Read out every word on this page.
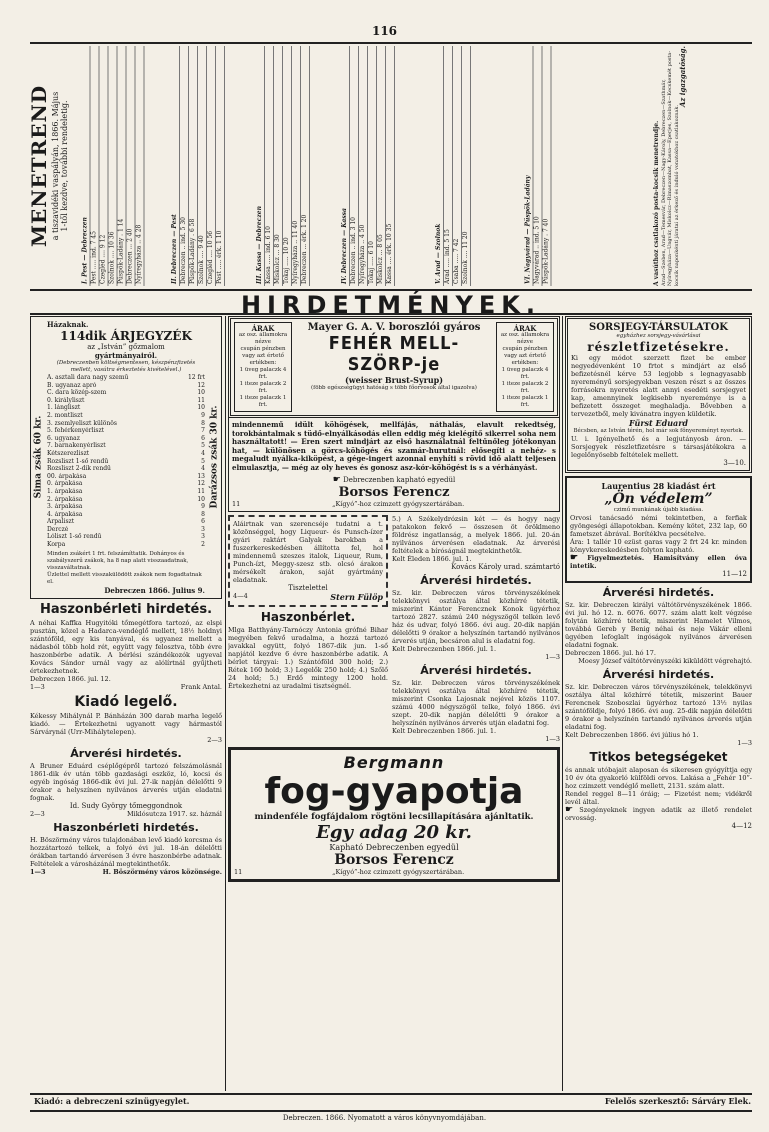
116
MENETREND a tiszavidéki vaspályán, 1866. Május 1-től kezdve, további rendeletig.
I. Pest — Debreczen
Pest ..... ind. 7 45
Czegléd .... 9 12
Szolnok .... 10 36
Püspök-Ladány . 1 14
Debreczen ... 2 40
Nyíregyháza .. 4 28	II. Debreczen — Pest
Debreczen .. ind. 5 30
Püspök-Ladány . 6 58
Szolnok .... 9 40
Czegléd .... 10 56
Pest ..... érk. 1 10	III. Kassa — Debreczen
Kassa ..... ind. 6 10
Miskolcz ... 8 30
Tokaj ..... 10 20
Nyíregyháza .. 11 40
Debreczen ... érk. 1 20	IV. Debreczen — Kassa
Debreczen .. ind. 3 10
Nyíregyháza .. 4 50
Tokaj ..... 6 10
Miskolcz ... 8 05
Kassa .... érk. 10 35	V. Arad — Szolnok
Arad ..... ind. 5 15
Csaba ..... 7 42
Szolnok .... 11 20	VI. Nagyvárad — Püspök-Ladány
Nagyvárad .. ind. 5 10
Püspök-Ladány . 7 40	A vasúthoz csatlakozó posta-kocsik menetrendje. Arad—Szeben, Arad—Temesvár, Debreczen—Nagy-Károly, Debreczen—Szathmár, Nyíregyháza—Ungvár, Miskolcz—Rimaszombat, Kassa—Eperjes, Szolnok—Kecskemét posta-kocsik naponkénti járatai az érkező és induló vonatokhoz csatlakoznak.
Az igazgatóság.
HIRDETMÉNYEK.
Sima zsák 60 kr.	Darázsos zsák 30 kr.
Házaknak.
114dik ÁRJEGYZÉK
az „István” gőzmalom
gyártmányairól.
(Debreczenben költségmentesen, készpénzfizetés mellett, vasútra érkeztetés kivételével.)
A. asztali dara nagy szemű	12 frt
B. ugyanaz apró	12
C. dara közép-szem	10
0. királyliszt	11
1. lángliszt	10
2. montliszt	9
3. zsemlyeliszt különös	8
5. fehérkenyérliszt	7
6. ugyanaz	6
7. barnakenyérliszt	5
Kétszerezliszt	4
Rozsliszt 1-ső rendű	5
Rozsliszt 2-dik rendű	4
00. árpakása	13
0. árpakása	12
1. árpakása	11
2. árpakása	10
3. árpakása	9
4. árpakása	8
Árpaliszt	6
Derczé	3
Lóliszt 1-ső rendű	3
Korpa	2
Minden zsákért 1 frt. felszámíttatik. Dohányos és szabályszerű zsákok, ha 8 nap alatt visszaadatnak, visszaváltatnak.
Üzlettel mellett visszakülödött zsákok nem fogadtatnak el.
Debreczen 1866. Julius 9.
Haszonbérleti hirdetés.
A néhai Kaffka Hugyitóki tőmegétfora tartozó, az elspi pusztán, közel a Hadarca-vendéglő mellett, 18½ holdnyi szántóföld, egy kis tanyával, és ugyanez mellett a nádasból több hold rét, együtt vagy felosztva, több évre haszonbérbe adatik. A bérlési szándékozók ugyeval Kovács Sándor urnál vagy az alólírtnál gyűjtheti értekezhetnek.
Debreczen 1866. jul. 12.
1—3	Frank Antal.
Kiadó legelő.
Kékessy Mihálynál P. Bánházán 300 darab marha legelő kiadó. — Értekezhetni ugyanott vagy hármastól Sárvárynál (Urr-Mihálytelepen).
2—3
Árverési hirdetés.
A Bruner Eduárd cséplőgépről tartozó felszámolásnál 1861-dik év után több gazdasági eszköz, ló, kocsi és egyéb ingóság 1866-dik évi jul. 27-ik napján délelőtti 9 órakor a helyszínen nyilvános árverés utján eladatni fognak.
Id. Sudy György tőmeggondnok
2—3	Miklósutcza 1917. sz. háznál
Haszonbérleti hirdetés.
H. Böszörmény város tulajdonában levő kiadó korcsma és hozzátartozó telkek, a folyó évi jul. 18-án délelőtti órákban tartandó árverésen 3 évre haszonbérbe adatnak. Feltételek a városházánál megtekinthetők.
1—3	H. Böszörmény város közönsége.
ÁRAK
az osz. államokra nézve
csupán pénzben
vagy azt értető ertékben:
1 üveg palaczk 4 frt.
1 iteze palaczk 2 frt.
1 iteze palaczk 1 frt.
Mayer G. A. V. boroszlói gyáros
FEHÉR MELL-SZÖRP-je
(weisser Brust-Syrup)
(föbb egészségügyi hatóság s több főorvosok által igazolva)
ÁRAK
az osz. államokra nézve
csupán pénzben
vagy azt értető ertékben:
1 üveg palaczk 4 frt.
1 iteze palaczk 2 frt.
1 iteze palaczk 1 frt.
mindennemű idült köhögések, mellfájás, náthalás, elavult rekedtség, torokbántalmak s tüdő-elnyálkásodás ellen eddig még kielégítő sikerrel soha nem használtatott! — Eren szert mindjárt az első használatnál feltűnőleg jótékonyan hat, — különösen a görcs-köhögés és szamár-hurutnál: elősegíti a nehéz- s megaludt nyálka-kiköpést, a gége-ingert azonnal enyhíti s rövid idő alatt teljesen elmulasztja, — még az oly heves és gonosz asz-kór-köhögést is s a vérhányást.
☛ Debreczenben kapható egyedül
Borsos Ferencz
11	„Kígyó”-hoz czimzett gyógyszertárában.
Aláirtnak van szerencséje tudatni a t. közönséggel, hogy Liqueur- és Punsch-ízer gyári raktárt Galyak barokban a fuszerkereskedésben állította fel, hol mindennemű szeszes italok, Liqueur, Rum, Punch-ízt, Meggy-szesz stb. olcsó árakon mérsékelt árakon, saját gyártmány eladatnak.
Tisztelettel
4—4	Stern Fülöp
Haszonbérlet.
Mlga Batthyány-Tarnóczy Antonia grófné Bihar megyében fekvő uradalma, a hozzá tartozó javakkal együtt, folyó 1867-dik jun. 1-ső napjától kezdve 6 évre haszonbérbe adatik. A bérlet tárgyai: 1.) Szántóföld 300 hold; 2.) Rétek 160 hold; 3.) Legelők 250 hold; 4.) Szőlő 24 hold; 5.) Erdő mintegy 1200 hold. Értekezhetni az uradalmi tisztségnél.
5.) A Székelydrózsin két — és hogyy nagy patakokon fekvő — összesen öt öröklmeno földrész ingatlanság, a melyek 1866. jul. 20-án nyilvános árverésen eladatnak. Az árverési feltételek a bíróságnál megtekinthetők.
Kelt Éleden 1866. jul. 1.
Kovács Károly urad. számtartó
Árverési hirdetés.
Sz. kir. Debreczen város törvényszékének telekkönyvi osztálya által közhírré tétetik, miszerint Kántor Ferencznek Konok ügyérhoz tartozó 2827. számú 240 négyszögöl telkén levő ház és udvar, folyó 1866. évi aug. 20-dik napján délelőtti 9 órakor a helyszínén tartandó nyilvános árverés utján, becsáron alul is eladatni fog.
Kelt Debreczenben 1866. jul. 1.
1—3
Árverési hirdetés.
Sz. kir. Debreczen város törvényszékének telekkönyvi osztálya által közhírré tétetik, miszerint Csonka Lajosnak nejével közös 1107. számú 4000 négyszögöl telke, folyó 1866. évi szept. 20-dik napján délelőtti 9 órakor a helyszínén nyilvános árverés utján eladatni fog.
Kelt Debreczenben 1866. jul. 1.
1—3
Bergmann
fog-gyapotja
mindenféle fogfájdalom rögtöni lecsillapítására ajánltatik.
Egy adag 20 kr.
Kapható Debreczenben egyedül
Borsos Ferencz
11	„Kígyó”-hoz czimzett gyógyszertárában.
SORSJEGY-TÁRSULATOK
egyházhez sorsjegy-vásárlásai
részletfizetésekre.
Ki egy módot szerzett fizet be ember negyedévenként 10 frtot s mindjárt az első befizetésnél kérve 53 legjobb s legnagyasabb nyereményű sorsjegyekban veszen részt s az összes forrásokra nyeretés alatt annyi esedéti sorsjegyet kap, amennyinek legkisebb nyereménye is a befizetett összeget meghaladja. Bővebben a tervezetből, mely kivánatra ingyen küldetik.
Fürst Eduard
Bécsben, az István térén, hol már sok főnyereményt nyertek.
U. i. Igényelhető és a legjutányosb áron. — Sorsjegyek részletfizetésre s társasjátékokra a legelőnyösebb feltételek mellett.
3—10.
Laurentius 28 kiadást ért
„Ön védelem”
czimű munkának újabb kiadása.
Orvosi tanácsadó némi tekintetben, a ferfiak gyöngeségi állapotokban. Kemény kötet, 232 lap, 60 fametszet ábrával. Borítéklva pecsételve.
Ára: 1 tallér 10 ezüst garas vagy 2 frt 24 kr. minden könyvkereskedésben folyton kapható.
☛ Figyelmeztetés. Hamisítvány ellen óva intetik.
11—12
Árverési hirdetés.
Sz. kir. Debreczen királyi váltótörvényszékének 1866. évi jul. hó 12. n. 6076. 6077. szám alatt kelt végzése folytán közhírré tétetik, miszerint Hamelet Vilmos, továbbá Gereb y Benig néhai és neje Vákár elleni ügyében lefoglalt ingóságok nyilvános árverésen eladatni fognak.
Debreczen 1866. jul. hó 17.
Moesy József váltótörvényszéki kiküldött végrehajtó.
Árverési hirdetés.
Sz. kir. Debreczen város törvényszékének, telekkönyvi osztálya által közhírré tétetik, miszerint Bauer Ferencnek Szoboszlai ügyérhoz tartozó 13½ nyilas szántóföldje, folyó 1866. évi aug. 25-dik napján délelőtti 9 órakor a helyszínén tartandó nyilvános árverés utján eladatni fog.
Kelt Debreczenben 1866. évi július hó 1.
1—3
Titkos betegségeket
és annak utóbajait alaposan és sikeresen gyógyíttja egy 10 év óta gyakorló külföldi orvos. Lakása a „Fehér 10”-hoz czimzett vendéglő mellett, 2131. szám alatt.
Rendel reggel 8—11 óráig; — Fizetést nem; vidékről levél által.
☛ Szegényeknek ingyen adatik az illető rendelet orvosság.
4—12
Kiadó: a debreczeni szinügyegylet.	Felelős szerkesztő: Sárváry Elek.
Debreczen. 1866. Nyomatott a város könyvnyomdájában.
